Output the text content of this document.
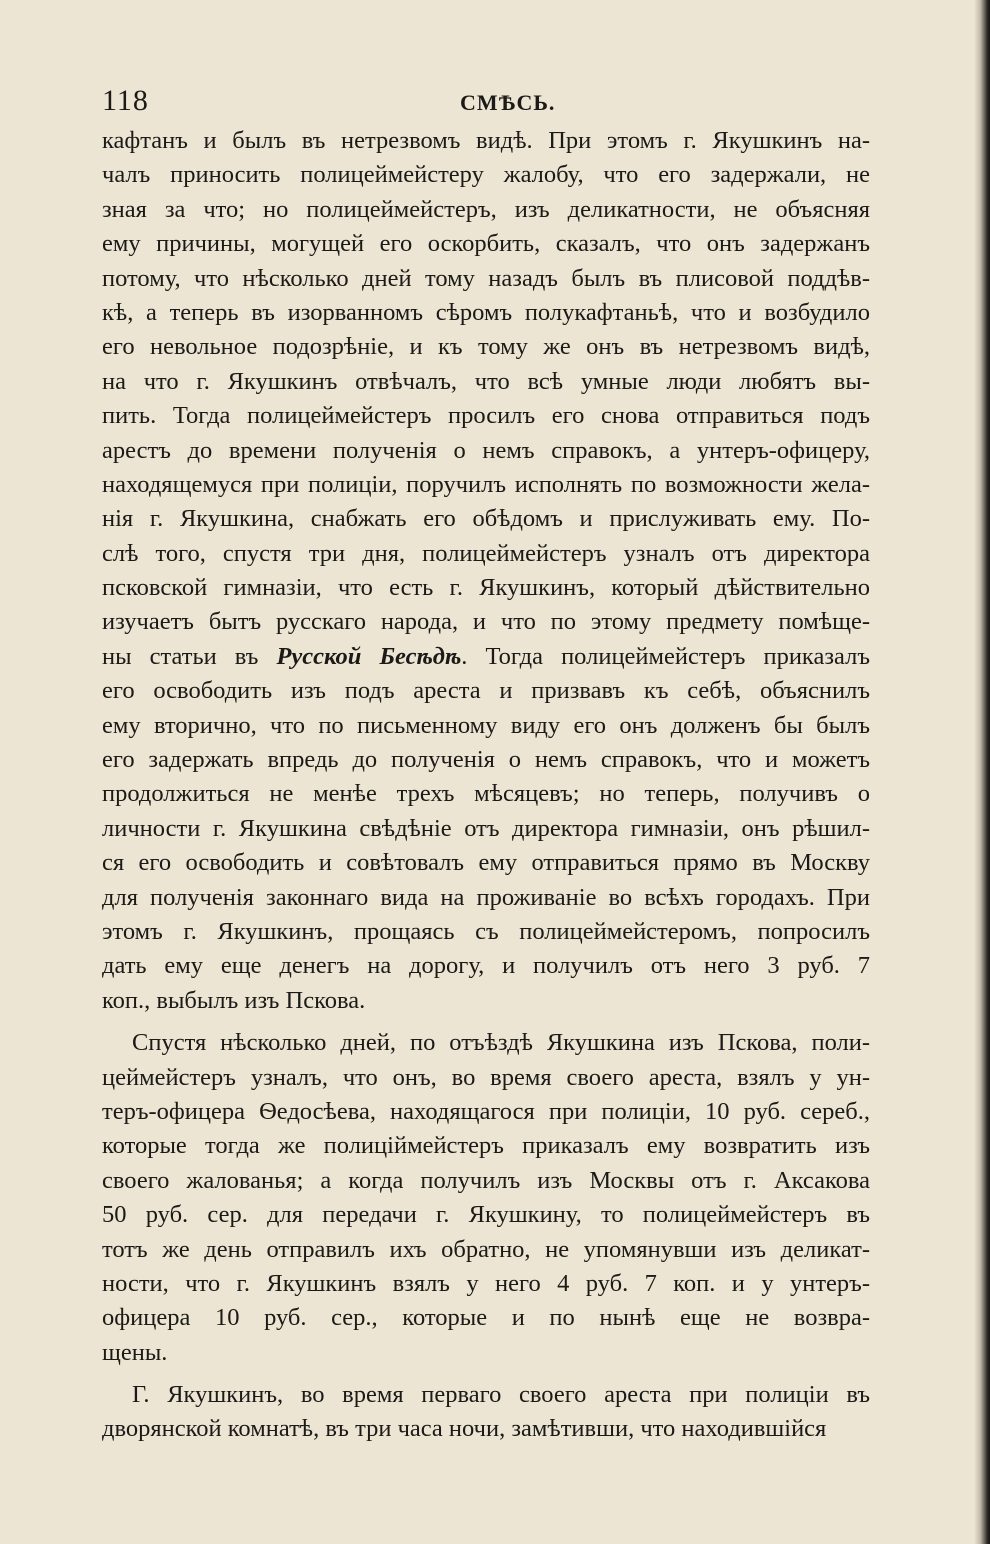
118	СМѢСЬ.
кафтанъ и былъ въ нетрезвомъ видѣ. При этомъ г. Якушкинъ на-
чалъ приносить полицеймейстеру жалобу, что его задержали, не
зная за что; но полицеймейстеръ, изъ деликатности, не объясняя
ему причины, могущей его оскорбить, сказалъ, что онъ задержанъ
потому, что нѣсколько дней тому назадъ былъ въ плисовой поддѣв-
кѣ, а теперь въ изорванномъ сѣромъ полукафтаньѣ, что и возбудило
его невольное подозрѣніе, и къ тому же онъ въ нетрезвомъ видѣ,
на что г. Якушкинъ отвѣчалъ, что всѣ умные люди любятъ вы-
пить. Тогда полицеймейстеръ просилъ его снова отправиться подъ
арестъ до времени полученія о немъ справокъ, а унтеръ-офицеру,
находящемуся при полиціи, поручилъ исполнять по возможности жела-
нія г. Якушкина, снабжать его обѣдомъ и прислуживать ему. По-
слѣ того, спустя три дня, полицеймейстеръ узналъ отъ директора
псковской гимназіи, что есть г. Якушкинъ, который дѣйствительно
изучаетъ бытъ русскаго народа, и что по этому предмету помѣще-
ны статьи въ Русской Бесѣдѣ. Тогда полицеймейстеръ приказалъ
его освободить изъ подъ ареста и призвавъ къ себѣ, объяснилъ
ему вторично, что по письменному виду его онъ долженъ бы былъ
его задержать впредь до полученія о немъ справокъ, что и можетъ
продолжиться не менѣе трехъ мѣсяцевъ; но теперь, получивъ о
личности г. Якушкина свѣдѣніе отъ директора гимназіи, онъ рѣшил-
ся его освободить и совѣтовалъ ему отправиться прямо въ Москву
для полученія законнаго вида на проживаніе во всѣхъ городахъ. При
этомъ г. Якушкинъ, прощаясь съ полицеймейстеромъ, попросилъ
дать ему еще денегъ на дорогу, и получилъ отъ него 3 руб. 7
коп., выбылъ изъ Пскова.
Спустя нѣсколько дней, по отъѣздѣ Якушкина изъ Пскова, поли-
цеймейстеръ узналъ, что онъ, во время своего ареста, взялъ у ун-
теръ-офицера Ѳедосѣева, находящагося при полиціи, 10 руб. сереб.,
которые тогда же полиціймейстеръ приказалъ ему возвратить изъ
своего жалованья; а когда получилъ изъ Москвы отъ г. Аксакова
50 руб. сер. для передачи г. Якушкину, то полицеймейстеръ въ
тотъ же день отправилъ ихъ обратно, не упомянувши изъ деликат-
ности, что г. Якушкинъ взялъ у него 4 руб. 7 коп. и у унтеръ-
офицера 10 руб. сер., которые и по нынѣ еще не возвра-
щены.
Г. Якушкинъ, во время перваго своего ареста при полиціи въ
дворянской комнатѣ, въ три часа ночи, замѣтивши, что находившійся
